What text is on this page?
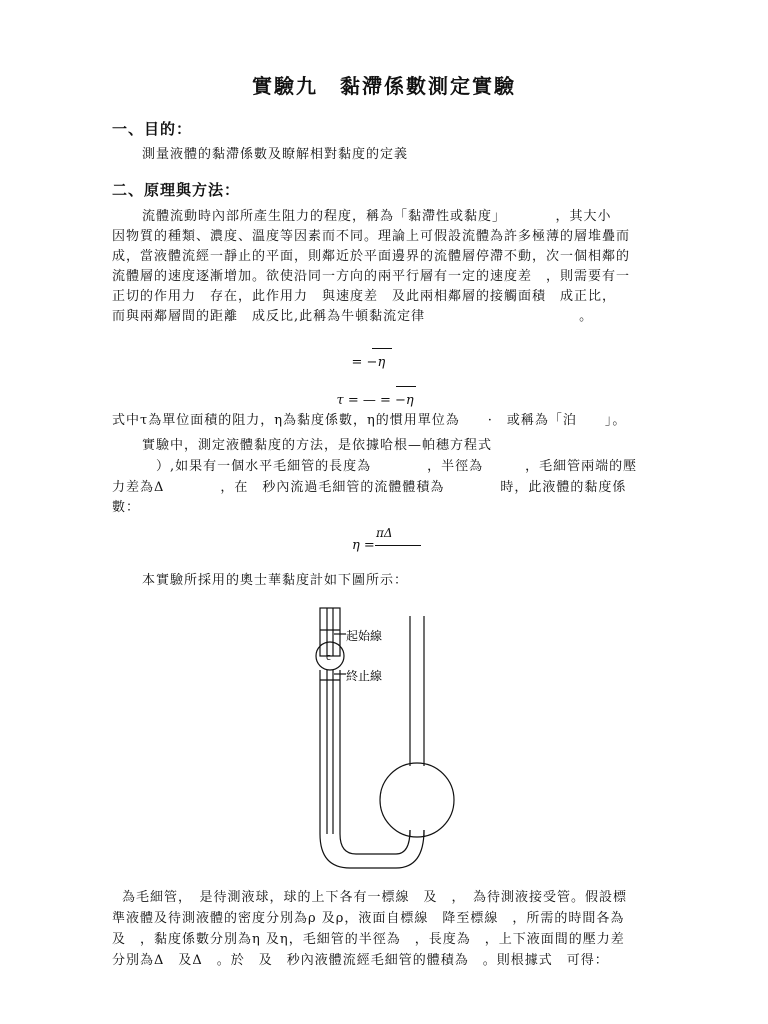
實驗九　黏滯係數測定實驗
一、目的：
測量液體的黏滯係數及瞭解相對黏度的定義
二、原理與方法：
流體流動時內部所產生阻力的程度，稱為「黏滯性或黏度」　　　　，其大小
因物質的種類、濃度、溫度等因素而不同。理論上可假設流體為許多極薄的層堆疊而
成，當液體流經一靜止的平面，則鄰近於平面邊界的流體層停滯不動，次一個相鄰的
流體層的速度逐漸增加。欲使沿同一方向的兩平行層有一定的速度差　，則需要有一
正切的作用力　存在，此作用力　與速度差　及此兩相鄰層的接觸面積　成正比，
而與兩鄰層間的距離　成反比,此稱為牛頓黏流定律　　　　　　　　　　　。

= −η

τ = — = −η

式中τ為單位面積的阻力，η為黏度係數，η的慣用單位為　　·　或稱為「泊　　」。
實驗中，測定液體黏度的方法，是依據哈根—帕穗方程式
　）,如果有一個水平毛細管的長度為　　　　，半徑為　　　，毛細管兩端的壓
力差為Δ　　　　，在　秒內流過毛細管的流體體積為　　　　時，此液體的黏度係
數：
η =
πΔ
本實驗所採用的奧士華黏度計如下圖所示：
起始線
終止線
c
為毛細管，　是待測液球，球的上下各有一標線　及　，　為待測液接受管。假設標
準液體及待測液體的密度分別為ρ 及ρ，液面自標線　降至標線　，所需的時間各為
及　，黏度係數分別為η 及η，毛細管的半徑為　，長度為　，上下液面間的壓力差
分別為Δ　及Δ　。於　及　秒內液體流經毛細管的體積為　。則根據式　可得：
